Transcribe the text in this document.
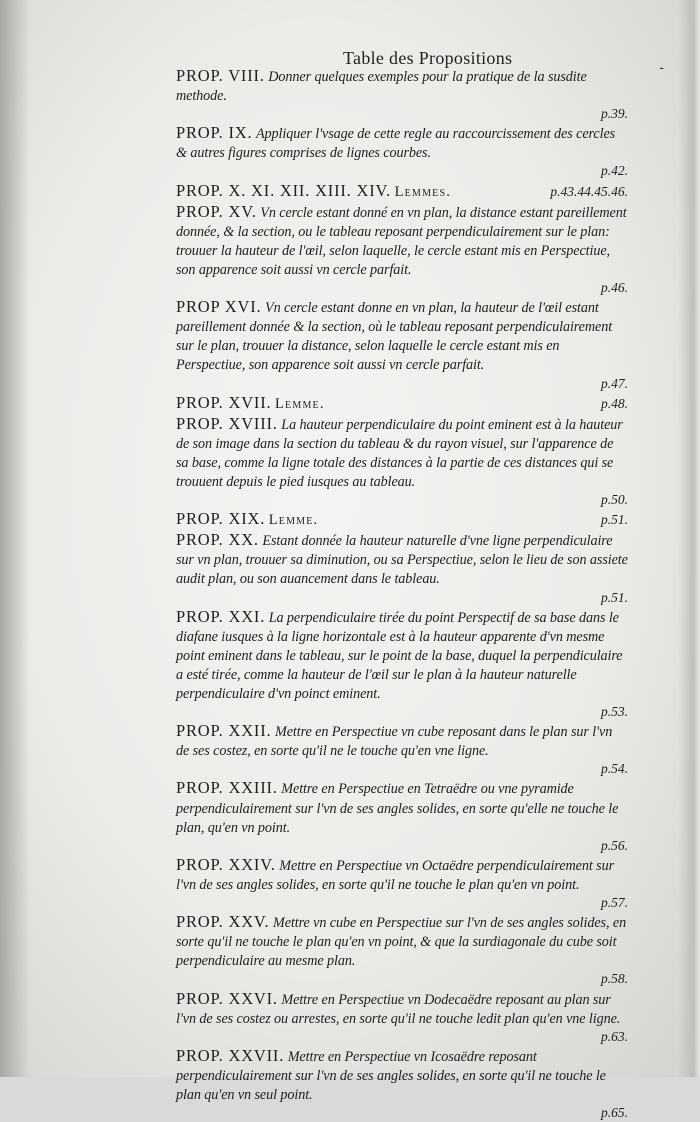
Table des Propositions	-

PROP. VIII. Donner quelques exemples pour la pratique de la susdite methode.
p.39.

PROP. IX. Appliquer l'vsage de cette regle au raccourcissement des cercles & autres figures comprises de lignes courbes.
p.42.

PROP. X. XI. XII. XIII. XIV. Lemmes.	p.43.44.45.46.

PROP. XV. Vn cercle estant donné en vn plan, la distance estant pareillement donnée, & la section, ou le tableau reposant perpendiculairement sur le plan: trouuer la hauteur de l'œil, selon laquelle, le cercle estant mis en Perspectiue, son apparence soit aussi vn cercle parfait.
p.46.

PROP XVI. Vn cercle estant donne en vn plan, la hauteur de l'œil estant pareillement donnée & la section, où le tableau reposant perpendiculairement sur le plan, trouuer la distance, selon laquelle le cercle estant mis en Perspectiue, son apparence soit aussi vn cercle parfait.
p.47.

PROP. XVII. Lemme.	p.48.

PROP. XVIII. La hauteur perpendiculaire du point eminent est à la hauteur de son image dans la section du tableau & du rayon visuel, sur l'apparence de sa base, comme la ligne totale des distances à la partie de ces distances qui se trouuent depuis le pied iusques au tableau.
p.50.

PROP. XIX. Lemme.	p.51.

PROP. XX. Estant donnée la hauteur naturelle d'vne ligne perpendiculaire sur vn plan, trouuer sa diminution, ou sa Perspectiue, selon le lieu de son assiete audit plan, ou son auancement dans le tableau.
p.51.

PROP. XXI. La perpendiculaire tirée du point Perspectif de sa base dans le diafane iusques à la ligne horizontale est à la hauteur apparente d'vn mesme point eminent dans le tableau, sur le point de la base, duquel la perpendiculaire a esté tirée, comme la hauteur de l'œil sur le plan à la hauteur naturelle perpendiculaire d'vn poinct eminent.
p.53.

PROP. XXII. Mettre en Perspectiue vn cube reposant dans le plan sur l'vn de ses costez, en sorte qu'il ne le touche qu'en vne ligne.
p.54.

PROP. XXIII. Mettre en Perspectiue en Tetraëdre ou vne pyramide perpendiculairement sur l'vn de ses angles solides, en sorte qu'elle ne touche le plan, qu'en vn point.
p.56.

PROP. XXIV. Mettre en Perspectiue vn Octaëdre perpendiculairement sur l'vn de ses angles solides, en sorte qu'il ne touche le plan qu'en vn point.
p.57.

PROP. XXV. Mettre vn cube en Perspectiue sur l'vn de ses angles solides, en sorte qu'il ne touche le plan qu'en vn point, & que la surdiagonale du cube soit perpendiculaire au mesme plan.
p.58.

PROP. XXVI. Mettre en Perspectiue vn Dodecaëdre reposant au plan sur l'vn de ses costez ou arrestes, en sorte qu'il ne touche ledit plan qu'en vne ligne.
p.63.

PROP. XXVII. Mettre en Perspectiue vn Icosaëdre reposant perpendiculairement sur l'vn de ses angles solides, en sorte qu'il ne touche le plan qu'en vn seul point.
p.65.
